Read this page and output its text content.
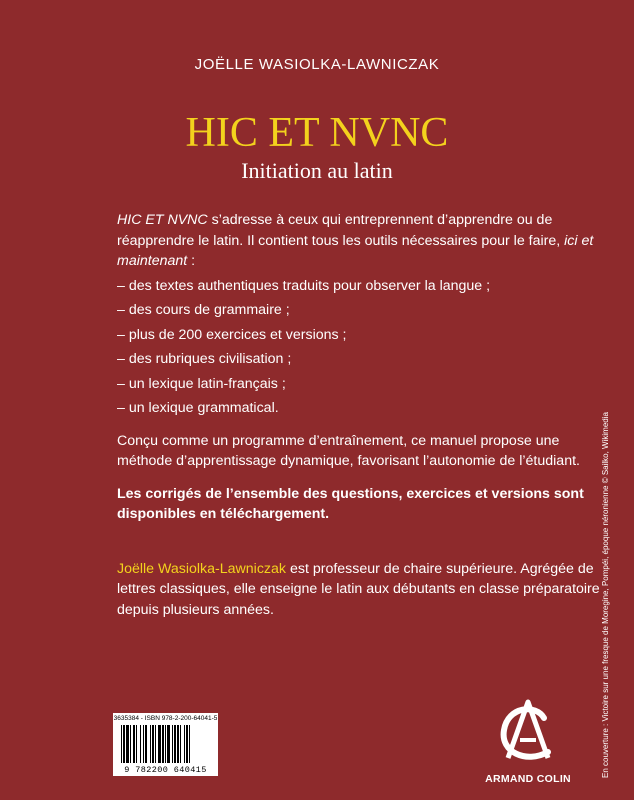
JOËLLE WASIOLKA-LAWNICZAK
HIC ET NVNC
Initiation au latin

HIC ET NVNC s’adresse à ceux qui entreprennent d’apprendre ou de réapprendre le latin. Il contient tous les outils nécessaires pour le faire, ici et maintenant :

– des textes authentiques traduits pour observer la langue ;
– des cours de grammaire ;
– plus de 200 exercices et versions ;
– des rubriques civilisation ;
– un lexique latin-français ;
– un lexique grammatical.

Conçu comme un programme d’entraînement, ce manuel propose une méthode d’apprentissage dynamique, favorisant l’autonomie de l’étudiant.

Les corrigés de l’ensemble des questions, exercices et versions sont disponibles en téléchargement.

Joëlle Wasiolka-Lawniczak est professeur de chaire supérieure. Agrégée de lettres classiques, elle enseigne le latin aux débutants en classe préparatoire depuis plusieurs années.	En couverture : Victoire sur une fresque de Moregine, Pompéi, époque néronienne © Sailko, Wikimedia
3635384 - ISBN 978-2-200-64041-5
9 782200 640415
ARMAND COLIN
